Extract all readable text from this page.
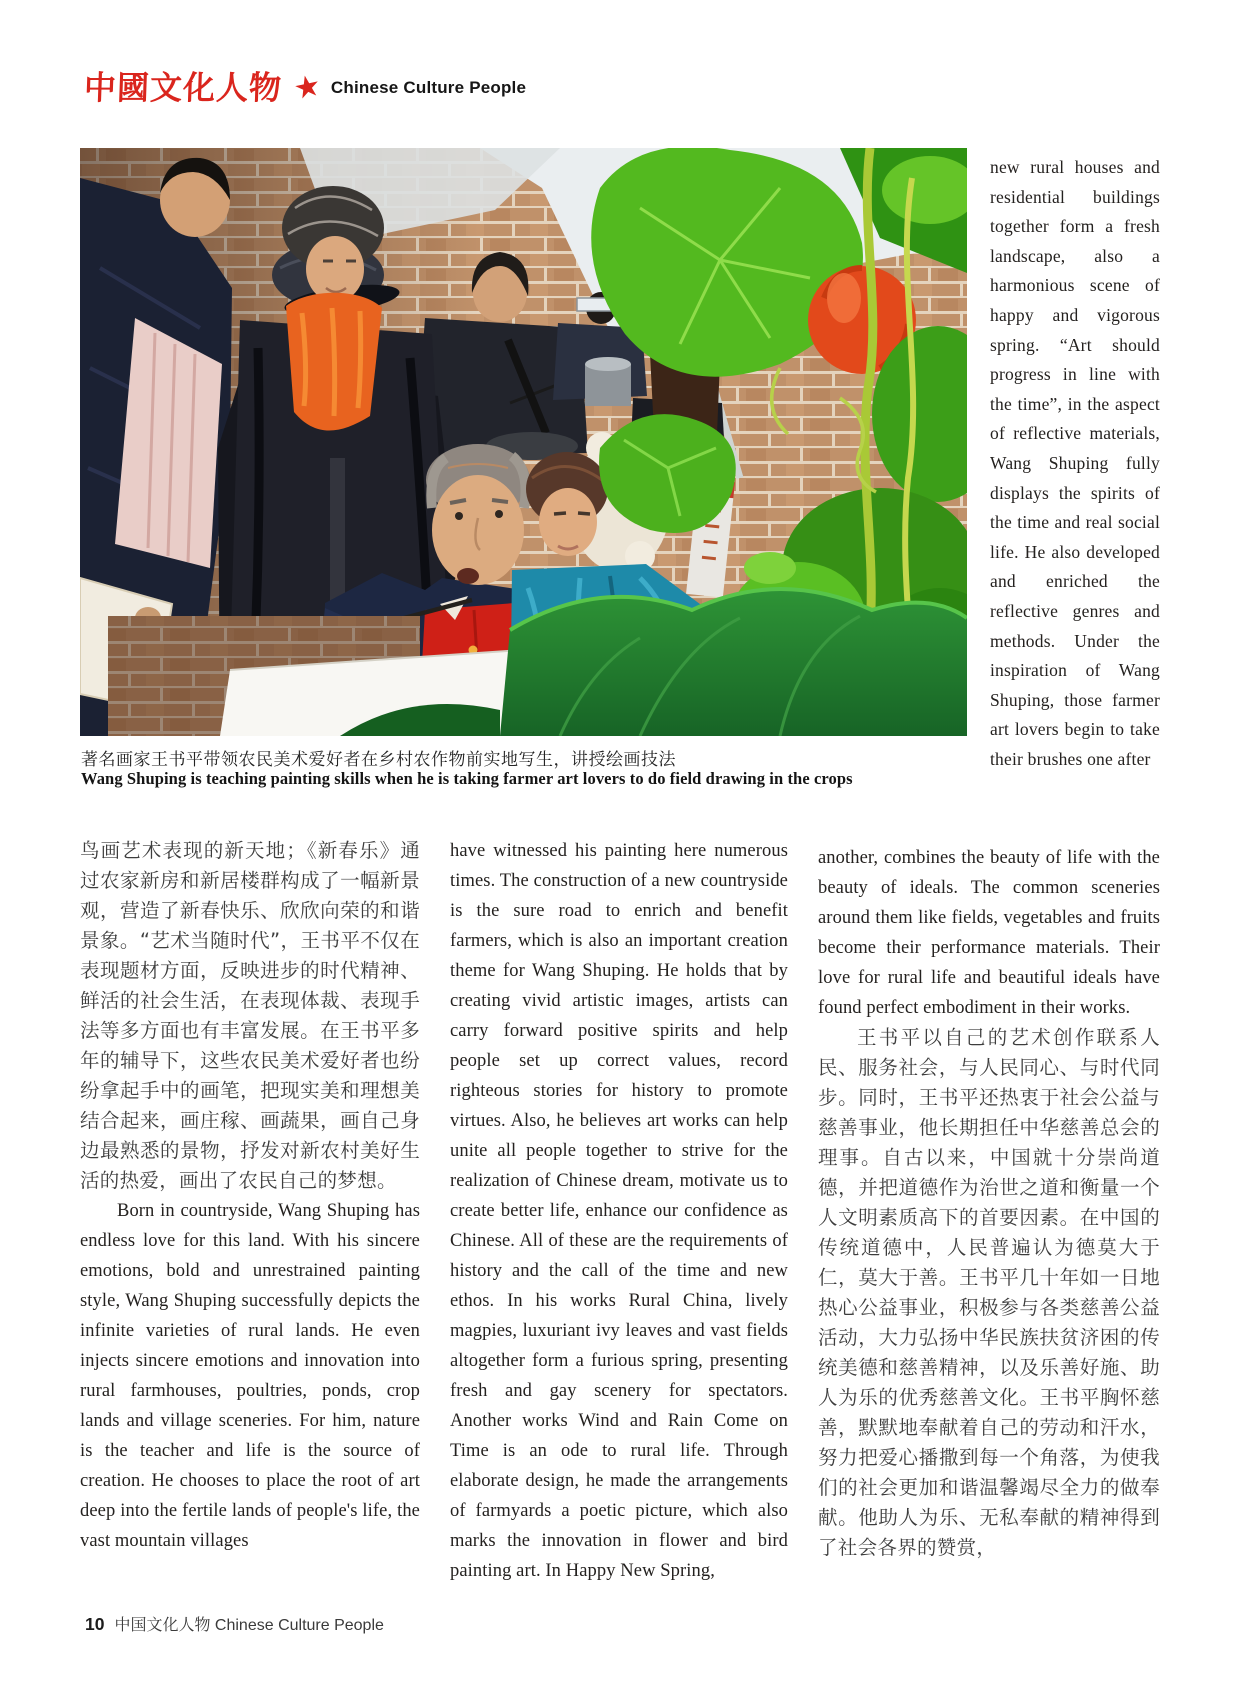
中國文化人物 ★ Chinese Culture People

new rural houses and residential buildings together form a fresh landscape, also a harmonious scene of happy and vigorous spring. “Art should progress in line with the time”, in the aspect of reflective materials, Wang Shuping fully displays the spirits of the time and real social life. He also developed and enriched the reflective genres and methods. Under the inspiration of Wang Shuping, those farmer art lovers begin to take their brushes one after

著名画家王书平带领农民美术爱好者在乡村农作物前实地写生，讲授绘画技法
Wang Shuping is teaching painting skills when he is taking farmer art lovers to do field drawing in the crops

鸟画艺术表现的新天地；《新春乐》通过农家新房和新居楼群构成了一幅新景观，营造了新春快乐、欣欣向荣的和谐景象。“艺术当随时代”，王书平不仅在表现题材方面，反映进步的时代精神、鲜活的社会生活，在表现体裁、表现手法等多方面也有丰富发展。在王书平多年的辅导下，这些农民美术爱好者也纷纷拿起手中的画笔，把现实美和理想美结合起来，画庄稼、画蔬果，画自己身边最熟悉的景物，抒发对新农村美好生活的热爱，画出了农民自己的梦想。

Born in countryside, Wang Shuping has endless love for this land. With his sincere emotions, bold and unrestrained painting style, Wang Shuping successfully depicts the infinite varieties of rural lands. He even injects sincere emotions and innovation into rural farmhouses, poultries, ponds, crop lands and village sceneries. For him, nature is the teacher and life is the source of creation. He chooses to place the root of art deep into the fertile lands of people's life, the vast mountain villages

have witnessed his painting here numerous times. The construction of a new countryside is the sure road to enrich and benefit farmers, which is also an important creation theme for Wang Shuping. He holds that by creating vivid artistic images, artists can carry forward positive spirits and help people set up correct values, record righteous stories for history to promote virtues. Also, he believes art works can help unite all people together to strive for the realization of Chinese dream, motivate us to create better life, enhance our confidence as Chinese. All of these are the requirements of history and the call of the time and new ethos. In his works Rural China, lively magpies, luxuriant ivy leaves and vast fields altogether form a furious spring, presenting fresh and gay scenery for spectators. Another works Wind and Rain Come on Time is an ode to rural life. Through elaborate design, he made the arrangements of farmyards a poetic picture, which also marks the innovation in flower and bird painting art. In Happy New Spring,

another, combines the beauty of life with the beauty of ideals. The common sceneries around them like fields, vegetables and fruits become their performance materials. Their love for rural life and beautiful ideals have found perfect embodiment in their works.

王书平以自己的艺术创作联系人民、服务社会，与人民同心、与时代同步。同时，王书平还热衷于社会公益与慈善事业，他长期担任中华慈善总会的理事。自古以来，中国就十分崇尚道德，并把道德作为治世之道和衡量一个人文明素质高下的首要因素。在中国的传统道德中，人民普遍认为德莫大于仁，莫大于善。王书平几十年如一日地热心公益事业，积极参与各类慈善公益活动，大力弘扬中华民族扶贫济困的传统美德和慈善精神，以及乐善好施、助人为乐的优秀慈善文化。王书平胸怀慈善，默默地奉献着自己的劳动和汗水，努力把爱心播撒到每一个角落，为使我们的社会更加和谐温馨竭尽全力的做奉献。他助人为乐、无私奉献的精神得到了社会各界的赞赏，

10 中国文化人物 Chinese Culture People
